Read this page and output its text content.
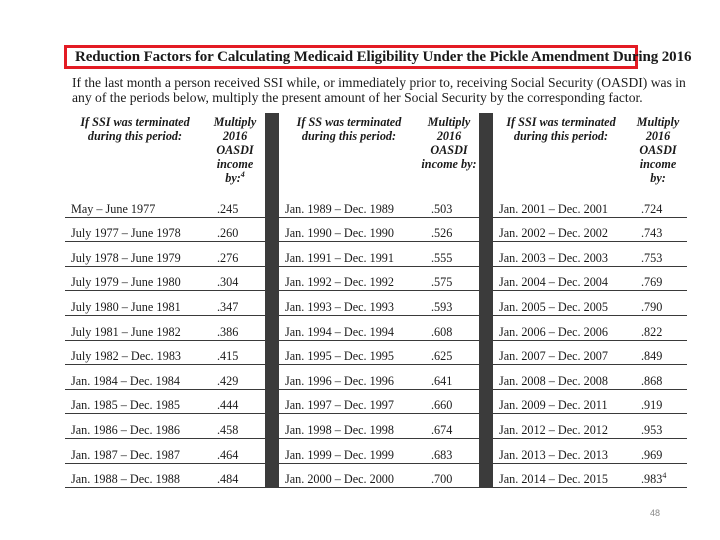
Reduction Factors for Calculating Medicaid Eligibility Under the Pickle Amendment During 2016
If the last month a person received SSI while, or immediately prior to, receiving Social Security (OASDI) was in any of the periods below, multiply the present amount of her Social Security by the corresponding factor.
If SSI was terminated during this period:	Multiply 2016 OASDI income by:$^4$		If SS was terminated during this period:	Multiply 2016 OASDI income by:		If SSI was terminated during this period:	Multiply 2016 OASDI income by:
May – June 1977	.245		Jan. 1989 – Dec. 1989	.503		Jan. 2001 – Dec. 2001	.724
July 1977 – June 1978	.260		Jan. 1990 – Dec. 1990	.526		Jan. 2002 – Dec. 2002	.743
July 1978 – June 1979	.276		Jan. 1991 – Dec. 1991	.555		Jan. 2003 – Dec. 2003	.753
July 1979 – June 1980	.304		Jan. 1992 – Dec. 1992	.575		Jan. 2004 – Dec. 2004	.769
July 1980 – June 1981	.347		Jan. 1993 – Dec. 1993	.593		Jan. 2005 – Dec. 2005	.790
July 1981 – June 1982	.386		Jan. 1994 – Dec. 1994	.608		Jan. 2006 – Dec. 2006	.822
July 1982 – Dec. 1983	.415		Jan. 1995 – Dec. 1995	.625		Jan. 2007 – Dec. 2007	.849
Jan. 1984 – Dec. 1984	.429		Jan. 1996 – Dec. 1996	.641		Jan. 2008 – Dec. 2008	.868
Jan. 1985 – Dec. 1985	.444		Jan. 1997 – Dec. 1997	.660		Jan. 2009 – Dec. 2011	.919
Jan. 1986 – Dec. 1986	.458		Jan. 1998 – Dec. 1998	.674		Jan. 2012 – Dec. 2012	.953
Jan. 1987 – Dec. 1987	.464		Jan. 1999 – Dec. 1999	.683		Jan. 2013 – Dec. 2013	.969
Jan. 1988 – Dec. 1988	.484		Jan. 2000 – Dec. 2000	.700		Jan. 2014 – Dec. 2015	.983$^4$
48
